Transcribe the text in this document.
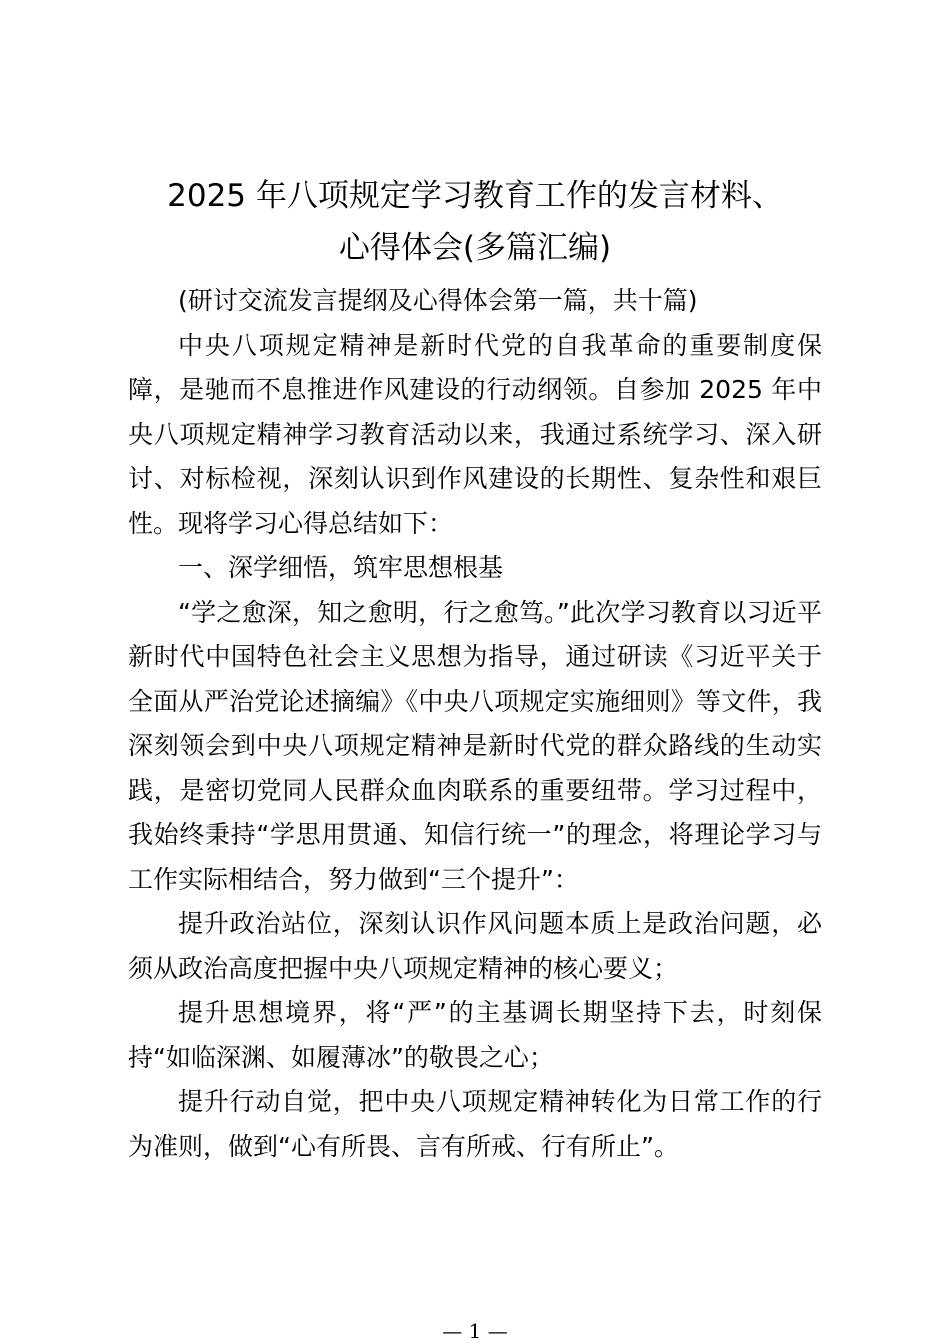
2025 年八项规定学习教育工作的发言材料、
心得体会(多篇汇编)

(研讨交流发言提纲及心得体会第一篇，共十篇)

中央八项规定精神是新时代党的自我革命的重要制度保障，是驰而不息推进作风建设的行动纲领。自参加 2025 年中央八项规定精神学习教育活动以来，我通过系统学习、深入研讨、对标检视，深刻认识到作风建设的长期性、复杂性和艰巨性。现将学习心得总结如下：

一、深学细悟，筑牢思想根基

“学之愈深，知之愈明，行之愈笃。”此次学习教育以习近平新时代中国特色社会主义思想为指导，通过研读《习近平关于全面从严治党论述摘编》《中央八项规定实施细则》等文件，我深刻领会到中央八项规定精神是新时代党的群众路线的生动实践，是密切党同人民群众血肉联系的重要纽带。学习过程中，我始终秉持“学思用贯通、知信行统一”的理念，将理论学习与工作实际相结合，努力做到“三个提升”：

提升政治站位，深刻认识作风问题本质上是政治问题，必须从政治高度把握中央八项规定精神的核心要义；

提升思想境界，将“严”的主基调长期坚持下去，时刻保持“如临深渊、如履薄冰”的敬畏之心；

提升行动自觉，把中央八项规定精神转化为日常工作的行为准则，做到“心有所畏、言有所戒、行有所止”。

— 1 —
